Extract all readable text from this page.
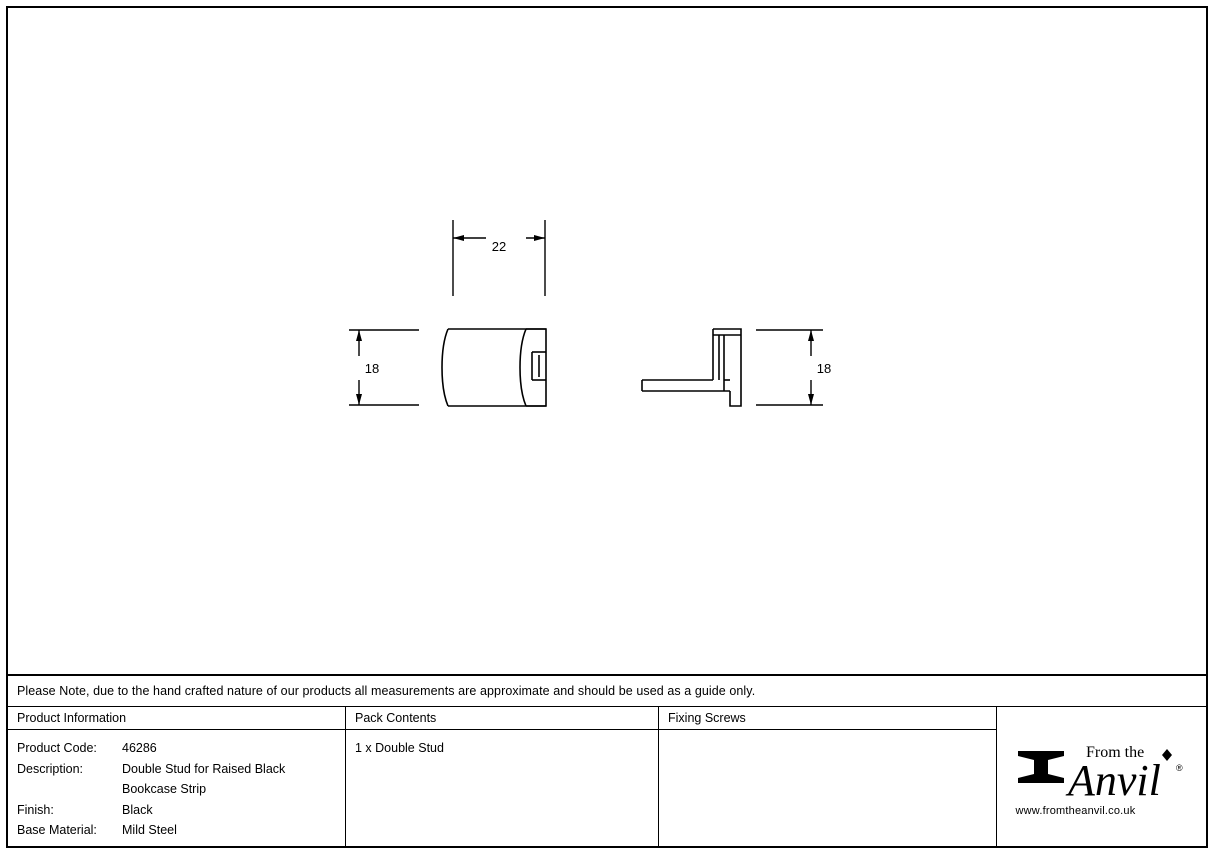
22
18	18
Please Note, due to the hand crafted nature of our products all measurements are approximate and should be used as a guide only.
Product Information
Product Code:	46286
Description:	Double Stud for Raised Black
Bookcase Strip
Finish:	Black
Base Material:	Mild Steel
Pack Contents
1 x Double Stud
Fixing Screws
From the
Anvil ®
www.fromtheanvil.co.uk
